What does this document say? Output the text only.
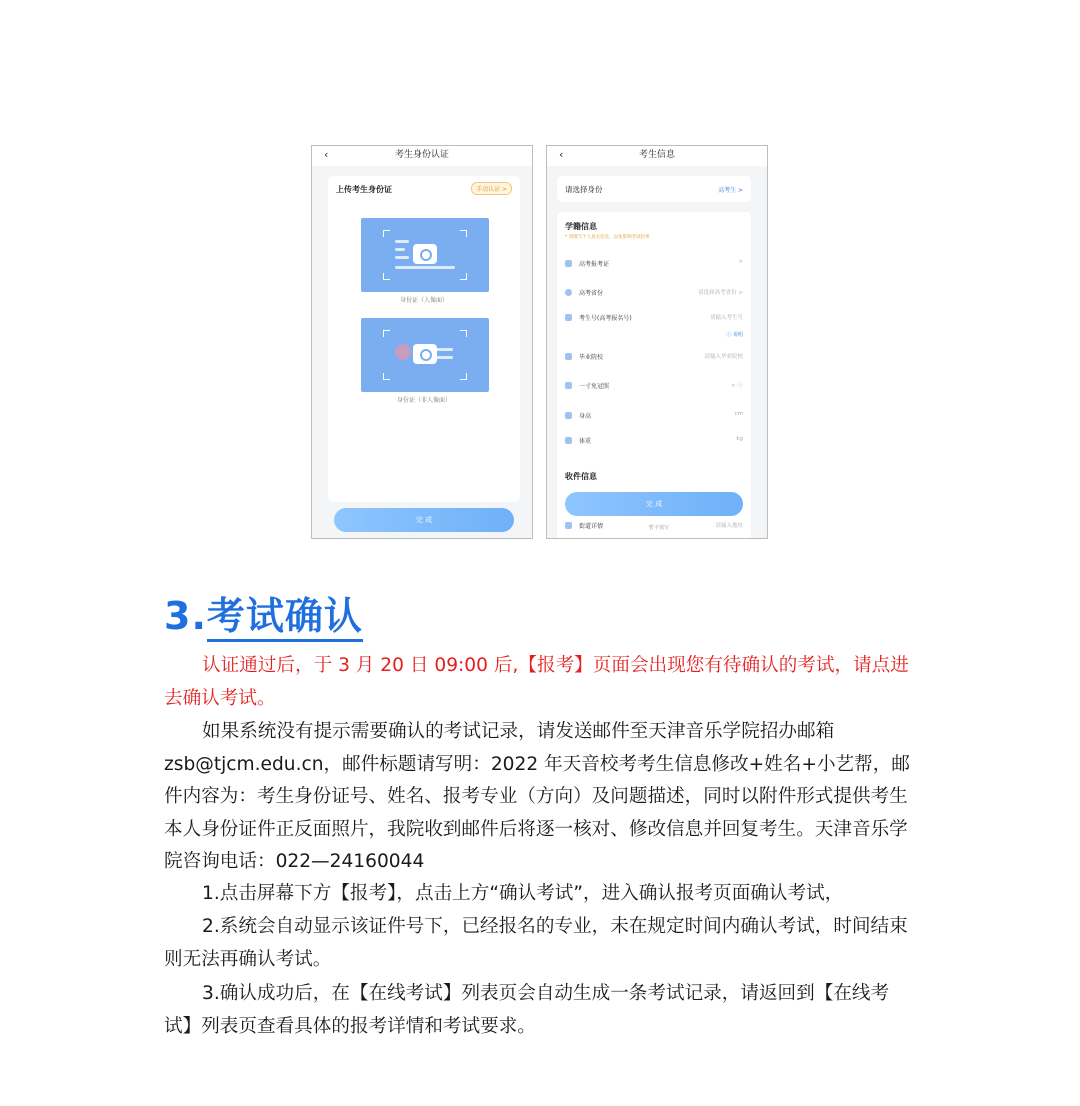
‹	考生身份认证
上传考生身份证	手动认证 >
身份证（人像面）
身份证（非人像面）
完 成
‹	考生信息
请选择身份	高考生 >
学籍信息
* 请填写个人真实信息，以免影响考试结果
高考报考证	>
高考省份	请选择高考省份 >
考生号(高考报名号)	请输入考生号
ⓘ 说明
毕业院校	请输入毕业院校
一寸免冠照	> ⓘ
身高	cm
体重	kg
收件信息
完 成
街道详情	请输入地址
暂不填写
3.考试确认

认证通过后，于 3 月 20 日 09:00 后,【报考】页面会出现您有待确认的考试，请点进去确认考试。

如果系统没有提示需要确认的考试记录，请发送邮件至天津音乐学院招办邮箱 zsb@tjcm.edu.cn，邮件标题请写明：2022 年天音校考考生信息修改+姓名+小艺帮，邮件内容为：考生身份证号、姓名、报考专业（方向）及问题描述，同时以附件形式提供考生本人身份证件正反面照片，我院收到邮件后将逐一核对、修改信息并回复考生。天津音乐学院咨询电话：022—24160044

1.点击屏幕下方【报考】，点击上方“确认考试”，进入确认报考页面确认考试，

2.系统会自动显示该证件号下，已经报名的专业，未在规定时间内确认考试，时间结束则无法再确认考试。

3.确认成功后，在【在线考试】列表页会自动生成一条考试记录，请返回到【在线考试】列表页查看具体的报考详情和考试要求。
